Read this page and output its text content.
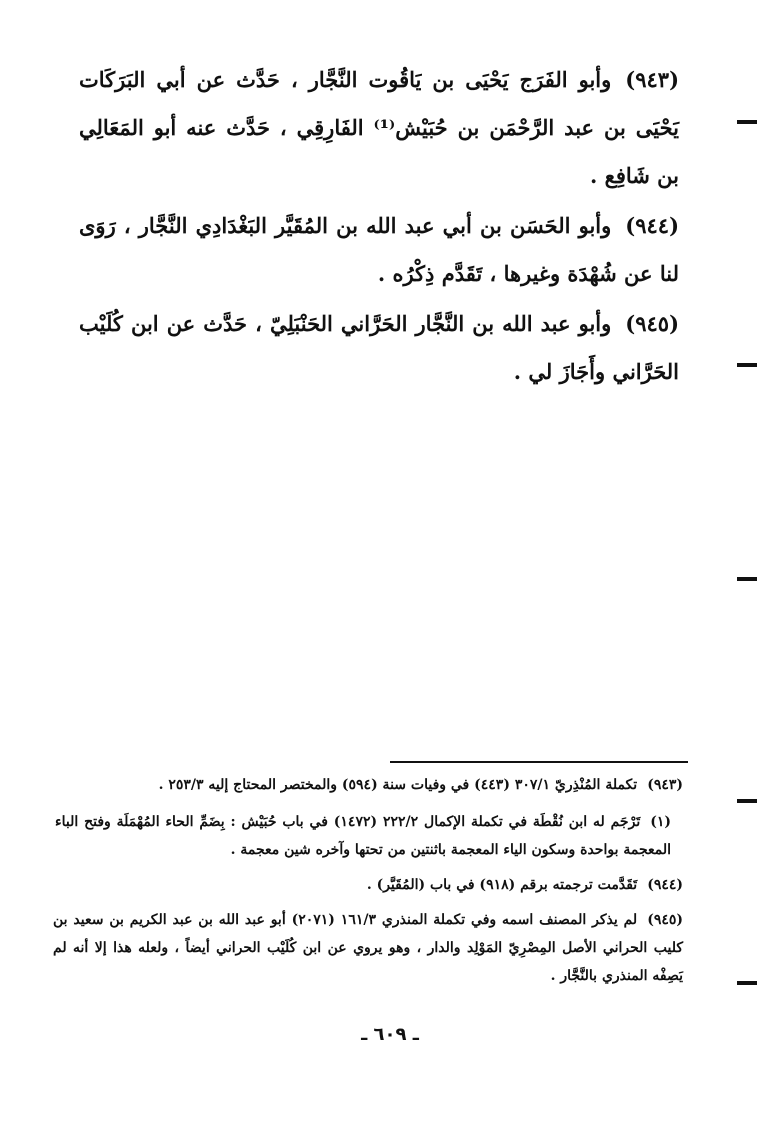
(٩٤٣)وأبو الفَرَج يَحْيَى بن يَاقُوت النَّجَّار ، حَدَّث عن أبي البَرَكَات يَحْيَى بن عبد الرَّحْمَن بن حُبَيْش⁽¹⁾ الفَارِقِي ، حَدَّث عنه أبو المَعَالِي بن شَافِع .
(٩٤٤)وأبو الحَسَن بن أبي عبد الله بن المُقَيَّر البَغْدَادِي النَّجَّار ، رَوَى لنا عن شُهْدَة وغيرها ، تَقَدَّم ذِكْرُه .
(٩٤٥)وأبو عبد الله بن النَّجَّار الحَرَّاني الحَنْبَلِيّ ، حَدَّث عن ابن كُلَيْب الحَرَّاني وأَجَازَ لي .
(٩٤٣)تكملة المُنْذِريّ ٣٠٧/١ (٤٤٣) في وفيات سنة (٥٩٤) والمختصر المحتاج إليه ٢٥٣/٣ .
(١)تَرْجَم له ابن نُقْطَة في تكملة الإكمال ٢٢٢/٢ (١٤٧٢) في باب حُبَيْش : بِضَمِّ الحاء المُهْمَلَة وفتح الباء المعجمة بواحدة وسكون الياء المعجمة باثنتين من تحتها وآخره شين معجمة .
(٩٤٤)تَقَدَّمت ترجمته برقم (٩١٨) في باب (المُقَيَّر) .
(٩٤٥)لم يذكر المصنف اسمه وفي تكملة المنذري ١٦١/٣ (٢٠٧١) أبو عبد الله بن عبد الكريم بن سعيد بن كليب الحراني الأصل المِصْرِيّ المَوْلِد والدار ، وهو يروي عن ابن كُلَيْب الحراني أيضاً ، ولعله هذا إلا أنه لم يَصِفْه المنذري بالنَّجَّار .
ـ ٦٠٩ ـ
